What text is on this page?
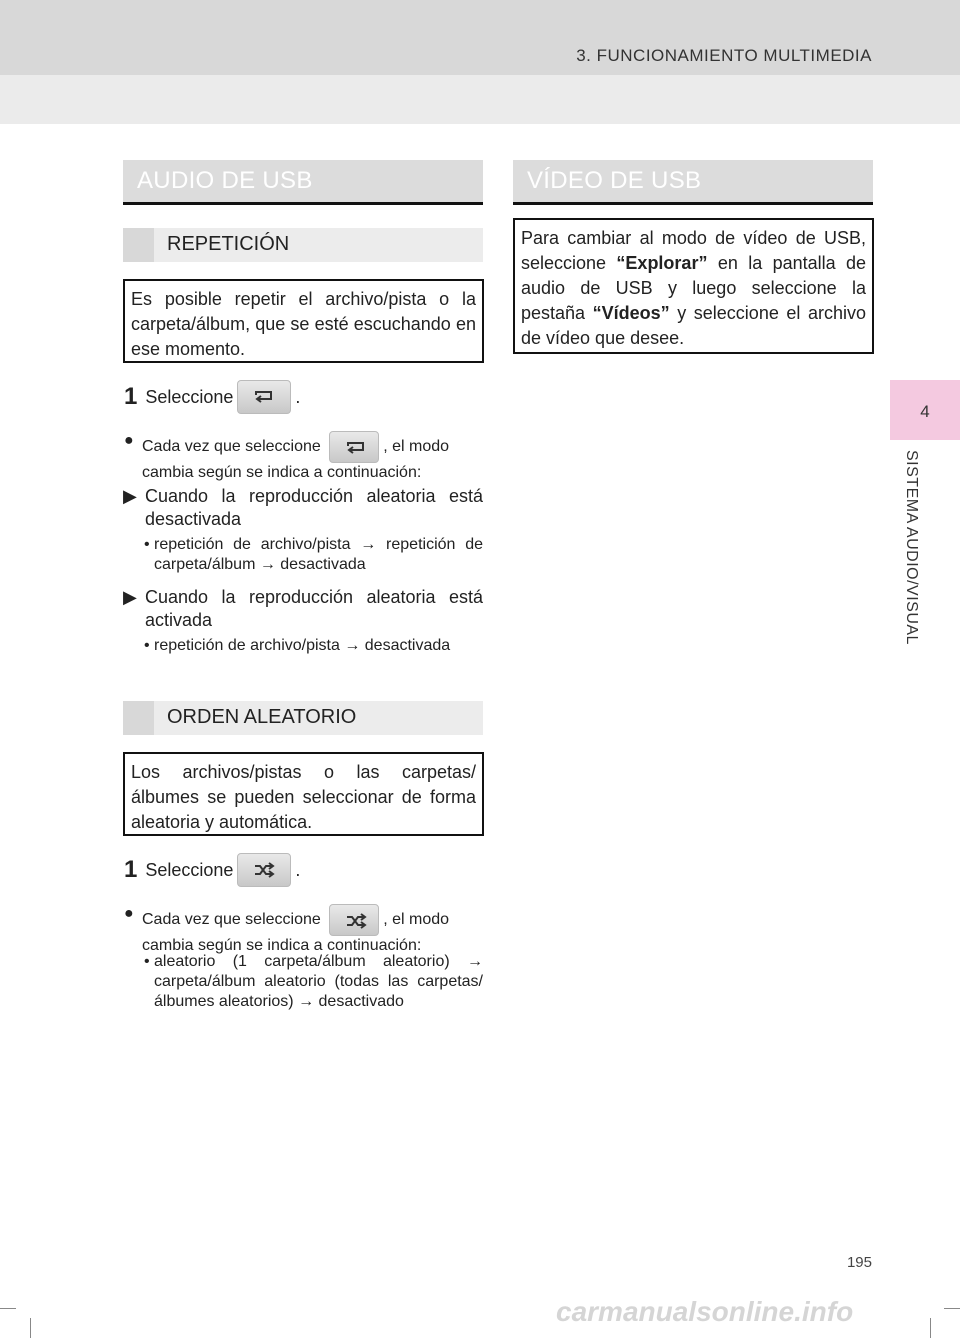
3. FUNCIONAMIENTO MULTIMEDIA
4
SISTEMA AUDIO/VISUAL
AUDIO DE USB
REPETICIÓN
Es posible repetir el archivo/pista o la carpeta/álbum, que se esté escuchando en ese momento.
1 Seleccione	.
● Cada vez que seleccione	, el modo
cambia según se indica a continuación:
▶ Cuando la reproducción aleatoria está desactivada
• repetición de archivo/pista → repetición de carpeta/álbum → desactivada
▶ Cuando la reproducción aleatoria está activada
• repetición de archivo/pista → desactivada
ORDEN ALEATORIO
Los archivos/pistas o las carpetas/ álbumes se pueden seleccionar de forma aleatoria y automática.
1 Seleccione	.
● Cada vez que seleccione	, el modo
cambia según se indica a continuación:
• aleatorio (1 carpeta/álbum aleatorio) → carpeta/álbum aleatorio (todas las carpetas/álbumes aleatorios) → desactivado
VÍDEO DE USB
Para cambiar al modo de vídeo de USB, seleccione “Explorar” en la pantalla de audio de USB y luego seleccione la pestaña “Vídeos” y seleccione el archivo de vídeo que desee.
195
carmanualsonline.info
